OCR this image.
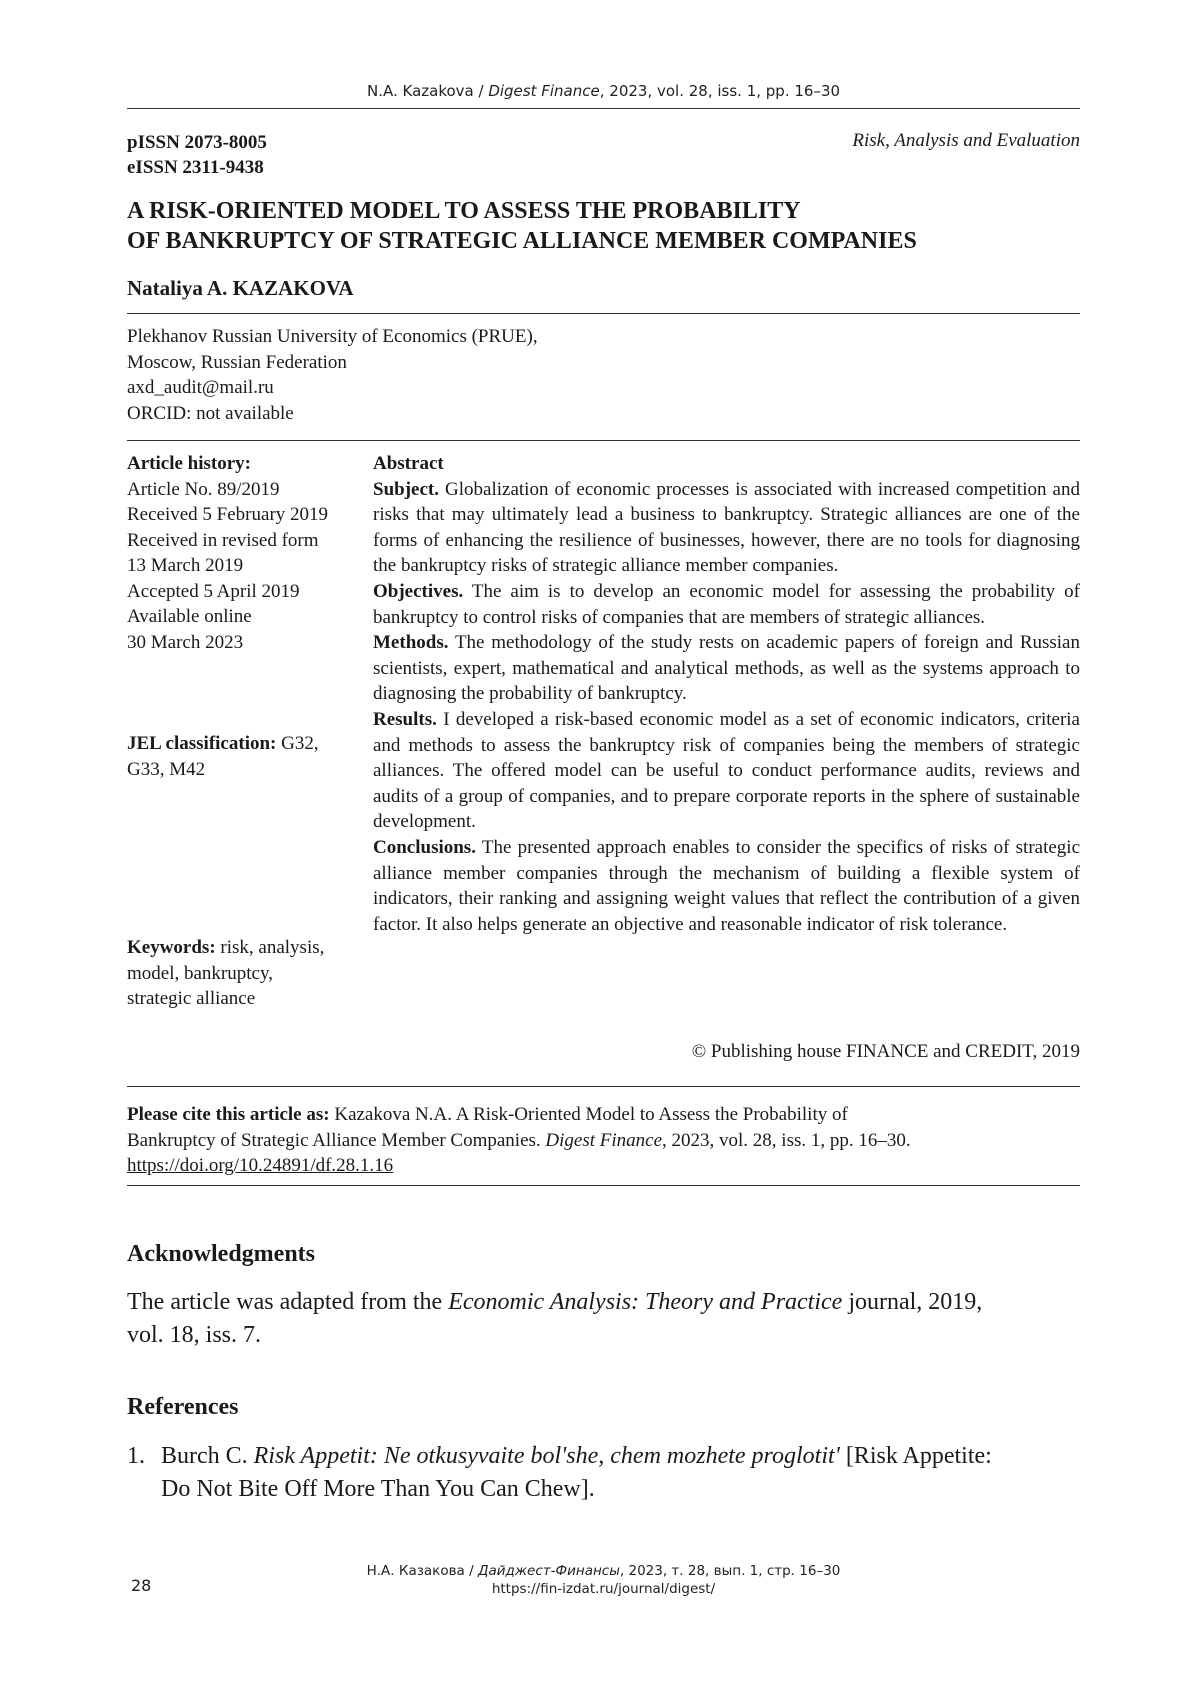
N.A. Kazakova / Digest Finance, 2023, vol. 28, iss. 1, pp. 16–30
pISSN 2073-8005
eISSN 2311-9438
Risk, Analysis and Evaluation
A RISK-ORIENTED MODEL TO ASSESS THE PROBABILITY
OF BANKRUPTCY OF STRATEGIC ALLIANCE MEMBER COMPANIES
Nataliya A. KAZAKOVA
Plekhanov Russian University of Economics (PRUE),
Moscow, Russian Federation
axd_audit@mail.ru
ORCID: not available
Article history:
Article No. 89/2019
Received 5 February 2019
Received in revised form
13 March 2019
Accepted 5 April 2019
Available online
30 March 2023
JEL classification: G32,
G33, M42
Keywords: risk, analysis,
model, bankruptcy,
strategic alliance

Abstract

Subject. Globalization of economic processes is associated with increased competition and risks that may ultimately lead a business to bankruptcy. Strategic alliances are one of the forms of enhancing the resilience of businesses, however, there are no tools for diagnosing the bankruptcy risks of strategic alliance member companies.

Objectives. The aim is to develop an economic model for assessing the probability of bankruptcy to control risks of companies that are members of strategic alliances.

Methods. The methodology of the study rests on academic papers of foreign and Russian scientists, expert, mathematical and analytical methods, as well as the systems approach to diagnosing the probability of bankruptcy.

Results. I developed a risk-based economic model as a set of economic indicators, criteria and methods to assess the bankruptcy risk of companies being the members of strategic alliances. The offered model can be useful to conduct performance audits, reviews and audits of a group of companies, and to prepare corporate reports in the sphere of sustainable development.

Conclusions. The presented approach enables to consider the specifics of risks of strategic alliance member companies through the mechanism of building a flexible system of indicators, their ranking and assigning weight values that reflect the contribution of a given factor. It also helps generate an objective and reasonable indicator of risk tolerance.

© Publishing house FINANCE and CREDIT, 2019
Please cite this article as: Kazakova N.A. A Risk-Oriented Model to Assess the Probability of
Bankruptcy of Strategic Alliance Member Companies. Digest Finance, 2023, vol. 28, iss. 1, pp. 16–30.
https://doi.org/10.24891/df.28.1.16
Acknowledgments
The article was adapted from the Economic Analysis: Theory and Practice journal, 2019,
vol. 18, iss. 7.
References
1. Burch C. Risk Appetit: Ne otkusyvaite bol'she, chem mozhete proglotit' [Risk Appetite:
Do Not Bite Off More Than You Can Chew].
Н.А. Казакова / Дайджест-Финансы, 2023, т. 28, вып. 1, стр. 16–30
https://fin-izdat.ru/journal/digest/
28
